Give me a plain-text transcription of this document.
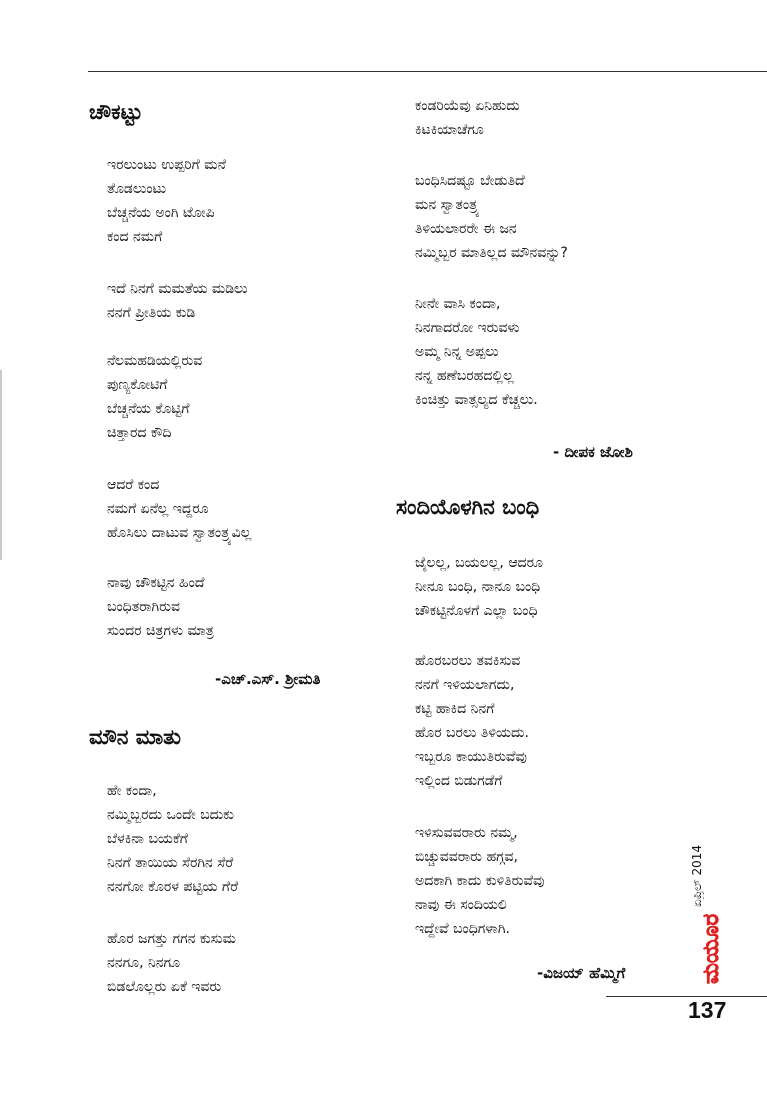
ಚೌಕಟ್ಟು
ಇರಲುಂಟು ಉಪ್ಪರಿಗೆ ಮನೆ
ತೊಡಲುಂಟು
ಬೆಚ್ಚನೆಯ ಅಂಗಿ ಟೋಪಿ
ಕಂದ ನಮಗೆ
ಇದೆ ನಿನಗೆ ಮಮತೆಯ ಮಡಿಲು
ನನಗೆ ಪ್ರೀತಿಯ ಕುಡಿ
ನೆಲಮಹಡಿಯಲ್ಲಿರುವ
ಪುಣ್ಯಕೋಟಿಗೆ
ಬೆಚ್ಚನೆಯ ಕೊಟ್ಟಿಗೆ
ಚಿತ್ತಾರದ ಕೌದಿ
ಆದರೆ ಕಂದ
ನಮಗೆ ಏನೆಲ್ಲ ಇದ್ದರೂ
ಹೊಸಿಲು ದಾಟುವ ಸ್ವಾತಂತ್ರ್ಯವಿಲ್ಲ
ನಾವು ಚೌಕಟ್ಟಿನ ಹಿಂದೆ
ಬಂಧಿತರಾಗಿರುವ
ಸುಂದರ ಚಿತ್ರಗಳು ಮಾತ್ರ
-ಎಚ್.ಎಸ್. ಶ್ರೀಮತಿ
ಮೌನ ಮಾತು
ಹೇ ಕಂದಾ,
ನಮ್ಮಿಬ್ಬರದು ಒಂದೇ ಬದುಕು
ಬೆಳಕಿನಾ ಬಯಕೆಗೆ
ನಿನಗೆ ತಾಯಿಯ ಸೆರಗಿನ ಸೆರೆ
ನನಗೋ ಕೊರಳ ಪಟ್ಟಿಯ ಗೆರೆ
ಹೊರ ಜಗತ್ತು ಗಗನ ಕುಸುಮ
ನನಗೂ, ನಿನಗೂ
ಬಿಡಲೊಲ್ಲರು ಏಕೆ ಇವರು
ಕಂಡರಿಯೆವು ಏನಿಹುದು
ಕಿಟಕಿಯಾಚೆಗೂ
ಬಂಧಿಸಿದಷ್ಟೂ ಬೇಡುತಿದೆ
ಮನ ಸ್ವಾತಂತ್ರ್ಯ
ತಿಳಿಯಲಾರರೇ ಈ ಜನ
ನಮ್ಮಿಬ್ಬರ ಮಾತಿಲ್ಲದ ಮೌನವನ್ನು?
ನೀನೇ ವಾಸಿ ಕಂದಾ,
ನಿನಗಾದರೋ ಇರುವಳು
ಅಮ್ಮ ನಿನ್ನ ಅಪ್ಪಲು
ನನ್ನ ಹಣೆಬರಹದಲ್ಲಿಲ್ಲ
ಕಿಂಚಿತ್ತು ವಾತ್ಸಲ್ಯದ ಕೆಚ್ಚಲು.
- ದೀಪಕ ಜೋಶಿ
ಸಂದಿಯೊಳಗಿನ ಬಂಧಿ
ಜೈಲಲ್ಲ, ಬಯಲಲ್ಲ, ಆದರೂ
ನೀನೂ ಬಂಧಿ, ನಾನೂ ಬಂಧಿ
ಚೌಕಟ್ಟಿನೊಳಗೆ ಎಲ್ಲಾ ಬಂಧಿ
ಹೊರಬರಲು ತವಕಿಸುವ
ನನಗೆ ಇಳಿಯಲಾಗದು,
ಕಟ್ಟಿ ಹಾಕಿದ ನಿನಗೆ
ಹೊರ ಬರಲು ತಿಳಿಯದು.
ಇಬ್ಬರೂ ಕಾಯುತಿರುವೆವು
ಇಲ್ಲಿಂದ ಬಿಡುಗಡೆಗೆ
ಇಳಿಸುವವರಾರು ನಮ್ಮ,
ಬಿಚ್ಚುವವರಾರು ಹಗ್ಗವ,
ಅದಕಾಗಿ ಕಾದು ಕುಳಿತಿರುವೆವು
ನಾವು ಈ ಸಂದಿಯಲಿ
ಇದ್ದೇವೆ ಬಂಧಿಗಳಾಗಿ.
-ವಿಜಯ್ ಹೆಮ್ಮಿಗೆ
ಏಪ್ರಿಲ್ 2014
ಮಯೂರ
137
